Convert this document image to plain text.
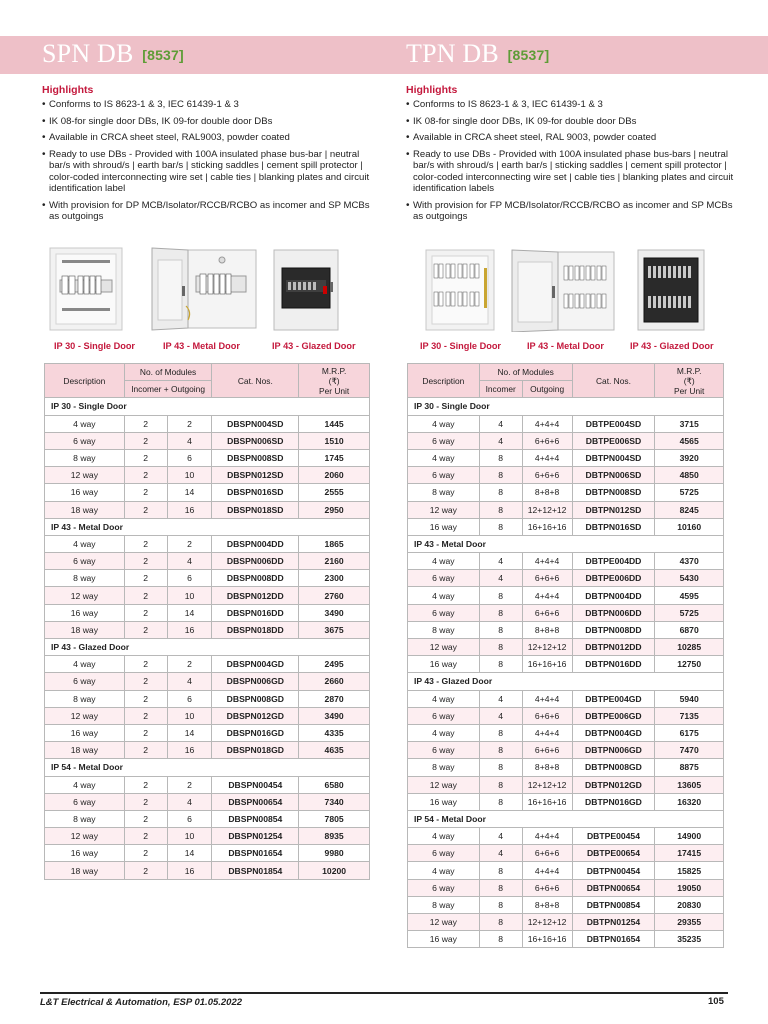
SPN DB [8537]	TPN DB [8537]
Highlights
• Conforms to IS 8623-1 & 3, IEC 61439-1 & 3
• IK 08-for single door DBs, IK 09-for double door DBs
• Available in CRCA sheet steel, RAL9003, powder coated
• Ready to use DBs - Provided with 100A insulated phase bus-bar | neutral bar/s with shroud/s | earth bar/s | sticking saddles | cement spill protector | color-coded interconnecting wire set | cable ties | blanking plates and circuit identification label
• With provision for DP MCB/Isolator/RCCB/RCBO as incomer and SP MCBs as outgoings
Highlights
• Conforms to IS 8623-1 & 3, IEC 61439-1 & 3
• IK 08-for single door DBs, IK 09-for double door DBs
• Available in CRCA sheet steel, RAL 9003, powder coated
• Ready to use DBs - Provided with 100A insulated phase bus-bars | neutral bar/s with shroud/s | earth bar/s | sticking saddles | cement spill protector | color-coded interconnecting wire set | cable ties | blanking plates and circuit identification labels
• With provision for FP MCB/Isolator/RCCB/RCBO as incomer and SP MCBs as outgoings
IP 30 - Single Door	IP 43 - Metal Door	IP 43 - Glazed Door	IP 30 - Single Door	IP 43 - Metal Door	IP 43 - Glazed Door
Description	No. of Modules		Cat. Nos.	M.R.P.
(₹)
Per Unit
	Incomer + Outgoing			
IP 30 - Single Door				
4 way	2	2	DBSPN004SD	1445
6 way	2	4	DBSPN006SD	1510
8 way	2	6	DBSPN008SD	1745
12 way	2	10	DBSPN012SD	2060
16 way	2	14	DBSPN016SD	2555
18 way	2	16	DBSPN018SD	2950
IP 43 - Metal Door				
4 way	2	2	DBSPN004DD	1865
6 way	2	4	DBSPN006DD	2160
8 way	2	6	DBSPN008DD	2300
12 way	2	10	DBSPN012DD	2760
16 way	2	14	DBSPN016DD	3490
18 way	2	16	DBSPN018DD	3675
IP 43 - Glazed Door				
4 way	2	2	DBSPN004GD	2495
6 way	2	4	DBSPN006GD	2660
8 way	2	6	DBSPN008GD	2870
12 way	2	10	DBSPN012GD	3490
16 way	2	14	DBSPN016GD	4335
18 way	2	16	DBSPN018GD	4635
IP 54 - Metal Door				
4 way	2	2	DBSPN00454	6580
6 way	2	4	DBSPN00654	7340
8 way	2	6	DBSPN00854	7805
12 way	2	10	DBSPN01254	8935
16 way	2	14	DBSPN01654	9980
18 way	2	16	DBSPN01854	10200
Description	No. of Modules		Cat. Nos.	M.R.P.
(₹)
Per Unit
	Incomer	Outgoing		
IP 30 - Single Door				
4 way	4	4+4+4	DBTPE004SD	3715
6 way	4	6+6+6	DBTPE006SD	4565
4 way	8	4+4+4	DBTPN004SD	3920
6 way	8	6+6+6	DBTPN006SD	4850
8 way	8	8+8+8	DBTPN008SD	5725
12 way	8	12+12+12	DBTPN012SD	8245
16 way	8	16+16+16	DBTPN016SD	10160
IP 43 - Metal Door				
4 way	4	4+4+4	DBTPE004DD	4370
6 way	4	6+6+6	DBTPE006DD	5430
4 way	8	4+4+4	DBTPN004DD	4595
6 way	8	6+6+6	DBTPN006DD	5725
8 way	8	8+8+8	DBTPN008DD	6870
12 way	8	12+12+12	DBTPN012DD	10285
16 way	8	16+16+16	DBTPN016DD	12750
IP 43 - Glazed Door				
4 way	4	4+4+4	DBTPE004GD	5940
6 way	4	6+6+6	DBTPE006GD	7135
4 way	8	4+4+4	DBTPN004GD	6175
6 way	8	6+6+6	DBTPN006GD	7470
8 way	8	8+8+8	DBTPN008GD	8875
12 way	8	12+12+12	DBTPN012GD	13605
16 way	8	16+16+16	DBTPN016GD	16320
IP 54 - Metal Door				
4 way	4	4+4+4	DBTPE00454	14900
6 way	4	6+6+6	DBTPE00654	17415
4 way	8	4+4+4	DBTPN00454	15825
6 way	8	6+6+6	DBTPN00654	19050
8 way	8	8+8+8	DBTPN00854	20830
12 way	8	12+12+12	DBTPN01254	29355
16 way	8	16+16+16	DBTPN01654	35235
L&T Electrical & Automation, ESP 01.05.2022	105
